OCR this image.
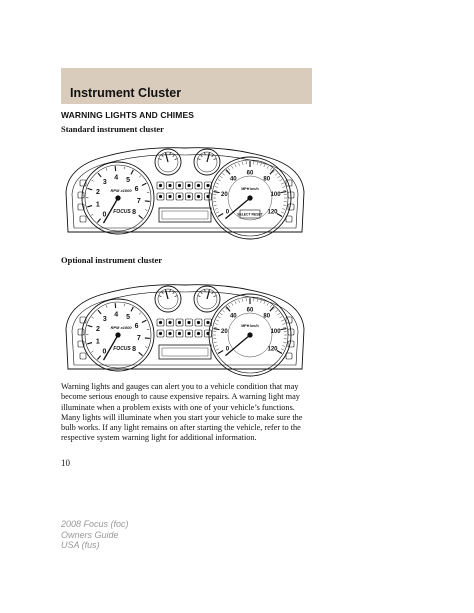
Instrument Cluster
WARNING LIGHTS AND CHIMES
Standard instrument cluster
0
1
2
3
4 5
6
7
8
RPM x1000
FOCUS	0
20
40
60
80
100
120
MPH km/h
SELECT RESET
Optional instrument cluster
0
1
2
3
4 5
6
7
8
RPM x1000
FOCUS	0
20
40
60
80
100
120
MPH km/h

Warning lights and gauges can alert you to a vehicle condition that may become serious enough to cause expensive repairs. A warning light may illuminate when a problem exists with one of your vehicle’s functions. Many lights will illuminate when you start your vehicle to make sure the bulb works. If any light remains on after starting the vehicle, refer to the respective system warning light for additional information.

10
2008 Focus (foc)
Owners Guide
USA (fus)
